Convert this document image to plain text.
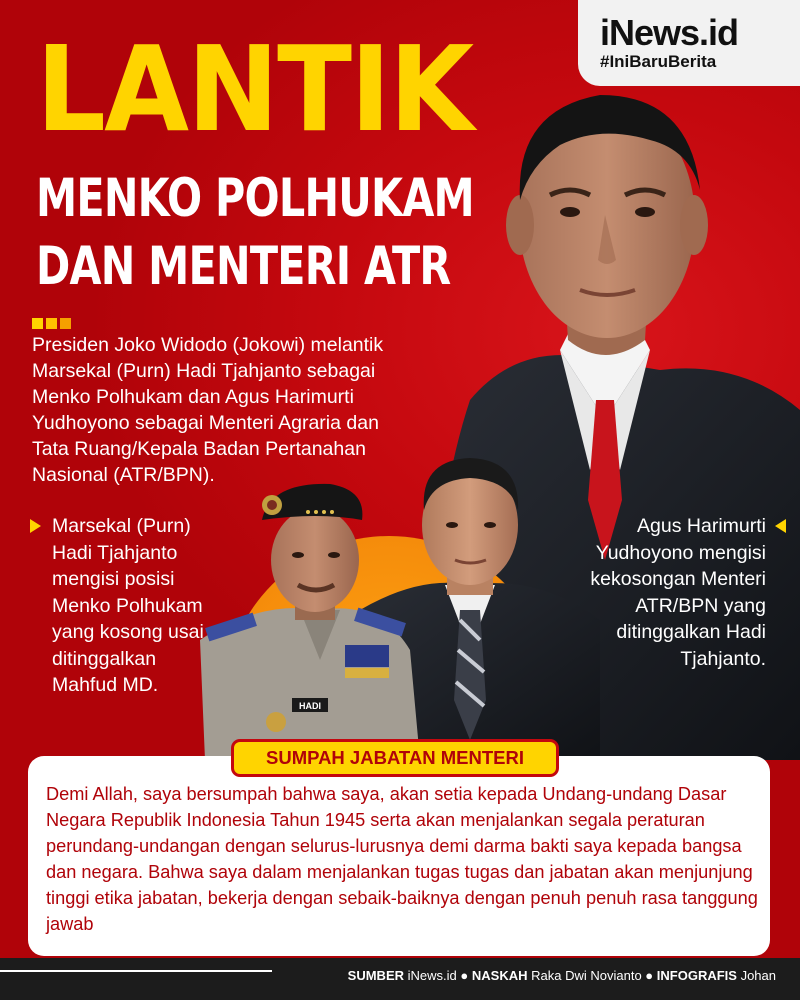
iNews.id
#IniBaruBerita
LANTIK
MENKO POLHUKAM
DAN MENTERI ATR
Presiden Joko Widodo (Jokowi) melantik Marsekal (Purn) Hadi Tjahjanto sebagai Menko Polhukam dan Agus Harimurti Yudhoyono sebagai Menteri Agraria dan Tata Ruang/Kepala Badan Pertanahan Nasional (ATR/BPN).
HADI
Marsekal (Purn) Hadi Tjahjanto mengisi posisi Menko Polhukam yang kosong usai ditinggalkan Mahfud MD.
Agus Harimurti Yudhoyono mengisi kekosongan Menteri ATR/BPN yang ditinggalkan Hadi Tjahjanto.
SUMPAH JABATAN MENTERI
Demi Allah, saya bersumpah bahwa saya, akan setia kepada Undang-undang Dasar Negara Republik Indonesia Tahun 1945 serta akan menjalankan segala peraturan perundang-undangan dengan selurus-lurusnya demi darma bakti saya kepada bangsa dan negara. Bahwa saya dalam menjalankan tugas tugas dan jabatan akan menjunjung tinggi etika jabatan, bekerja dengan sebaik-baiknya dengan penuh penuh rasa tanggung jawab
SUMBER iNews.id ● NASKAH Raka Dwi Novianto ● INFOGRAFIS Johan
